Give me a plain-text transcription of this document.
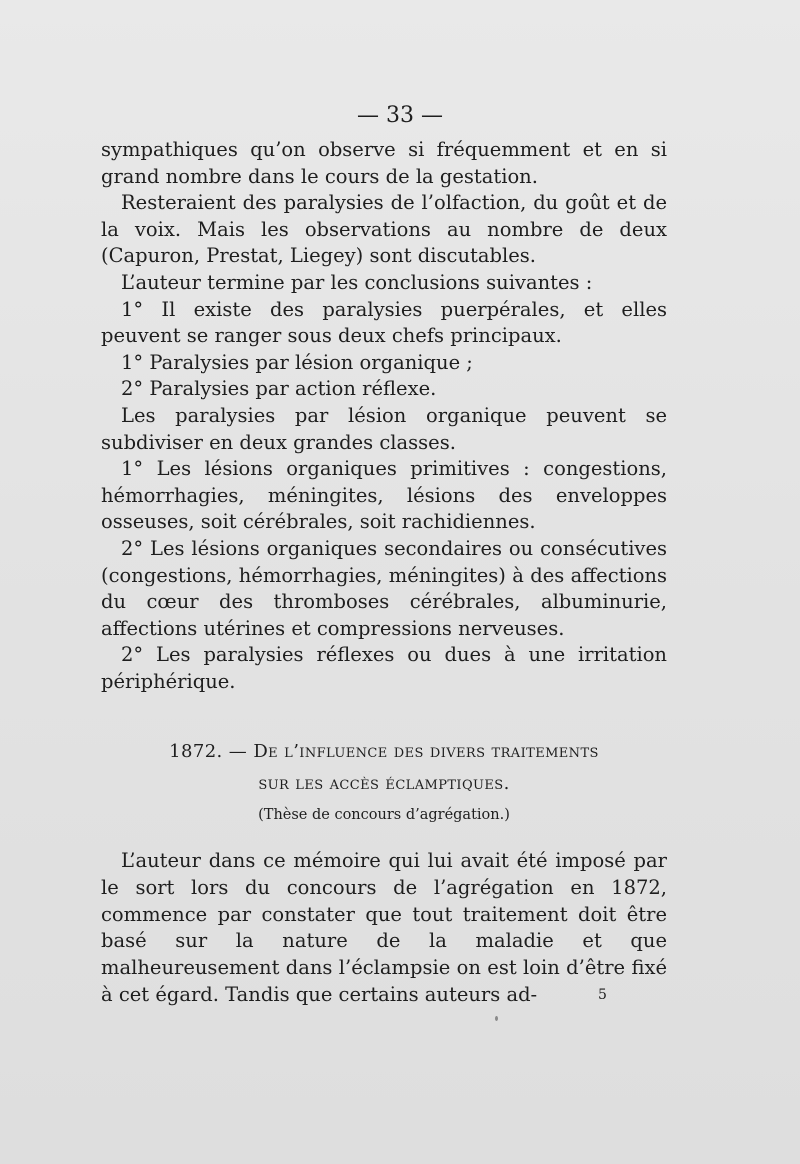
— 33 —

sympathiques qu’on observe si fréquemment et en si grand nombre dans le cours de la gestation.

Resteraient des paralysies de l’olfaction, du goût et de la voix. Mais les observations au nombre de deux (Capuron, Prestat, Liegey) sont discutables.

L’auteur termine par les conclusions suivantes :

1° Il existe des paralysies puerpérales, et elles peuvent se ranger sous deux chefs principaux.

1° Paralysies par lésion organique ;

2° Paralysies par action réflexe.

Les paralysies par lésion organique peuvent se subdiviser en deux grandes classes.

1° Les lésions organiques primitives : congestions, hémorrhagies, méningites, lésions des enveloppes osseuses, soit cérébrales, soit rachidiennes.

2° Les lésions organiques secondaires ou consécutives (congestions, hémorrhagies, méningites) à des affections du cœur des thromboses cérébrales, albuminurie, affections utérines et compressions nerveuses.

2° Les paralysies réflexes ou dues à une irritation périphérique.

1872. — De l’influence des divers traitements
sur les accès éclamptiques.
(Thèse de concours d’agrégation.)

L’auteur dans ce mémoire qui lui avait été imposé par le sort lors du concours de l’agrégation en 1872, commence par constater que tout traitement doit être basé sur la nature de la maladie et que malheureusement dans l’éclampsie on est loin d’être fixé à cet égard. Tandis que certains auteurs ad-	5
